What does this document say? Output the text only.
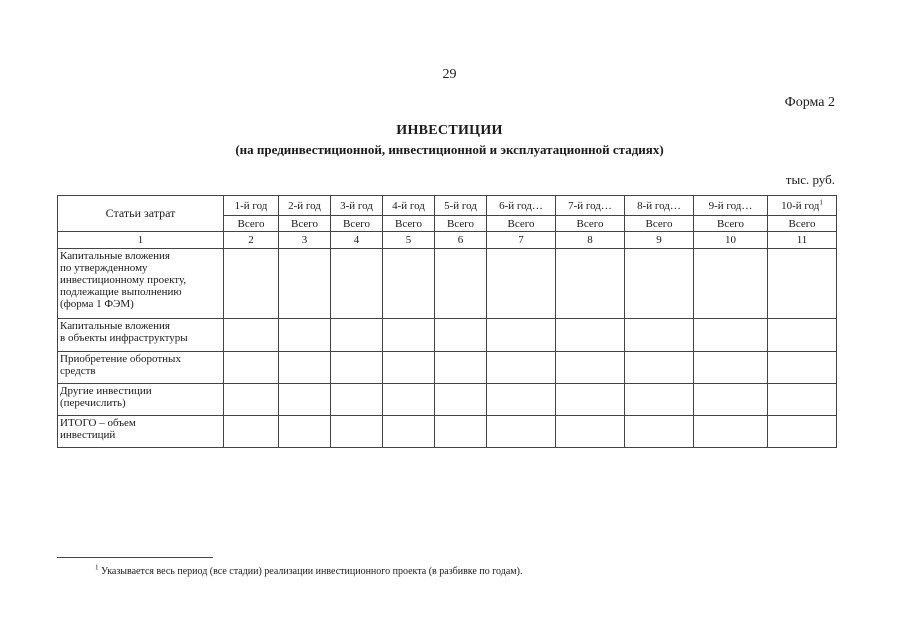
29
Форма 2
ИНВЕСТИЦИИ
(на прединвестиционной, инвестиционной и эксплуатационной стадиях)
тыс. руб.
Статьи затрат	1-й год	2-й год	3-й год	4-й год	5-й год	6-й год…	7-й год…	8-й год…	9-й год…	10-й год$^1$
	Всего	Всего	Всего	Всего	Всего	Всего	Всего	Всего	Всего	Всего
1	2	3	4	5	6	7	8	9	10	11

Капитальные вложения
по утвержденному
инвестиционному проекту,
подлежащие выполнению
(форма 1 ФЭМ)										

Капитальные вложения
в объекты инфраструктуры										

Приобретение оборотных
средств										

Другие инвестиции
(перечислить)										

ИТОГО – объем
инвестиций										

$^1$ Указывается весь период (все стадии) реализации инвестиционного проекта (в разбивке по годам).
